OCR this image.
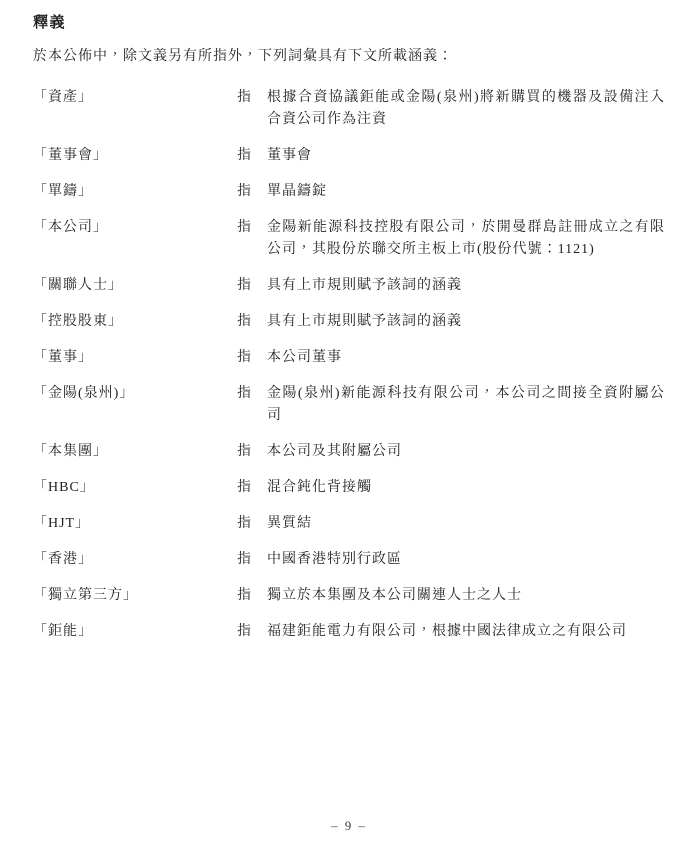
釋義

於本公佈中，除文義另有所指外，下列詞彙具有下文所載涵義：

「資產」	指	根據合資協議鉅能或金陽(泉州)將新購買的機器及設備注入合資公司作為注資
「董事會」	指	董事會
「單鑄」	指	單晶鑄錠
「本公司」	指	金陽新能源科技控股有限公司，於開曼群島註冊成立之有限公司，其股份於聯交所主板上市(股份代號：1121)
「關聯人士」	指	具有上市規則賦予該詞的涵義
「控股股東」	指	具有上市規則賦予該詞的涵義
「董事」	指	本公司董事
「金陽(泉州)」	指	金陽(泉州)新能源科技有限公司，本公司之間接全資附屬公司
「本集團」	指	本公司及其附屬公司
「HBC」	指	混合鈍化背接觸
「HJT」	指	異質結
「香港」	指	中國香港特別行政區
「獨立第三方」	指	獨立於本集團及本公司關連人士之人士
「鉅能」	指	福建鉅能電力有限公司，根據中國法律成立之有限公司
– 9 –
